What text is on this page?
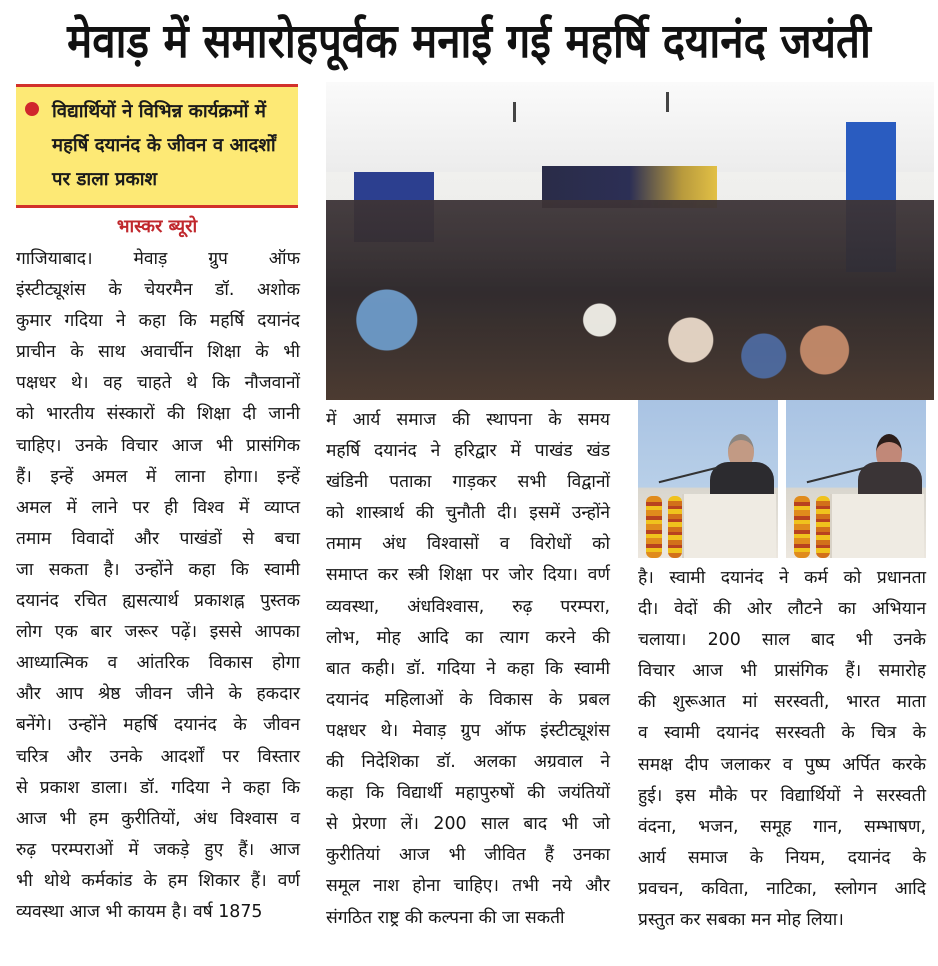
मेवाड़ में समारोहपूर्वक मनाई गई महर्षि दयानंद जयंती
विद्यार्थियों ने विभिन्न कार्यक्रमों में
महर्षि दयानंद के जीवन व आदर्शों
पर डाला प्रकाश
भास्कर ब्यूरो
गाजियाबाद। मेवाड़ ग्रुप ऑफ
इंस्टीट्यूशंस के चेयरमैन डॉ. अशोक
कुमार गदिया ने कहा कि महर्षि दयानंद
प्राचीन के साथ अवार्चीन शिक्षा के भी
पक्षधर थे। वह चाहते थे कि नौजवानों
को भारतीय संस्कारों की शिक्षा दी जानी
चाहिए। उनके विचार आज भी प्रासंगिक
हैं। इन्हें अमल में लाना होगा। इन्हें
अमल में लाने पर ही विश्व में व्याप्त
तमाम विवादों और पाखंडों से बचा
जा सकता है। उन्होंने कहा कि स्वामी
दयानंद रचित ह्यसत्यार्थ प्रकाशह्न पुस्तक
लोग एक बार जरूर पढ़ें। इससे आपका
आध्यात्मिक व आंतरिक विकास होगा
और आप श्रेष्ठ जीवन जीने के हकदार
बनेंगे। उन्होंने महर्षि दयानंद के जीवन
चरित्र और उनके आदर्शों पर विस्तार
से प्रकाश डाला। डॉ. गदिया ने कहा कि
आज भी हम कुरीतियों, अंध विश्वास व
रुढ़ परम्पराओं में जकड़े हुए हैं। आज
भी थोथे कर्मकांड के हम शिकार हैं। वर्ण
व्यवस्था आज भी कायम है। वर्ष 1875
में आर्य समाज की स्थापना के समय
महर्षि दयानंद ने हरिद्वार में पाखंड खंड
खंडिनी पताका गाड़कर सभी विद्वानों
को शास्त्रार्थ की चुनौती दी। इसमें उन्होंने
तमाम अंध विश्वासों व विरोधों को
समाप्त कर स्त्री शिक्षा पर जोर दिया। वर्ण
व्यवस्था, अंधविश्वास, रुढ़ परम्परा,
लोभ, मोह आदि का त्याग करने की
बात कही। डॉ. गदिया ने कहा कि स्वामी
दयानंद महिलाओं के विकास के प्रबल
पक्षधर थे। मेवाड़ ग्रुप ऑफ इंस्टीट्यूशंस
की निदेशिका डॉ. अलका अग्रवाल ने
कहा कि विद्यार्थी महापुरुषों की जयंतियों
से प्रेरणा लें। 200 साल बाद भी जो
कुरीतियां आज भी जीवित हैं उनका
समूल नाश होना चाहिए। तभी नये और
संगठित राष्ट्र की कल्पना की जा सकती
है। स्वामी दयानंद ने कर्म को प्रधानता
दी। वेदों की ओर लौटने का अभियान
चलाया। 200 साल बाद भी उनके
विचार आज भी प्रासंगिक हैं। समारोह
की शुरूआत मां सरस्वती, भारत माता
व स्वामी दयानंद सरस्वती के चित्र के
समक्ष दीप जलाकर व पुष्प अर्पित करके
हुई। इस मौके पर विद्यार्थियों ने सरस्वती
वंदना, भजन, समूह गान, सम्भाषण,
आर्य समाज के नियम, दयानंद के
प्रवचन, कविता, नाटिका, स्लोगन आदि
प्रस्तुत कर सबका मन मोह लिया।
